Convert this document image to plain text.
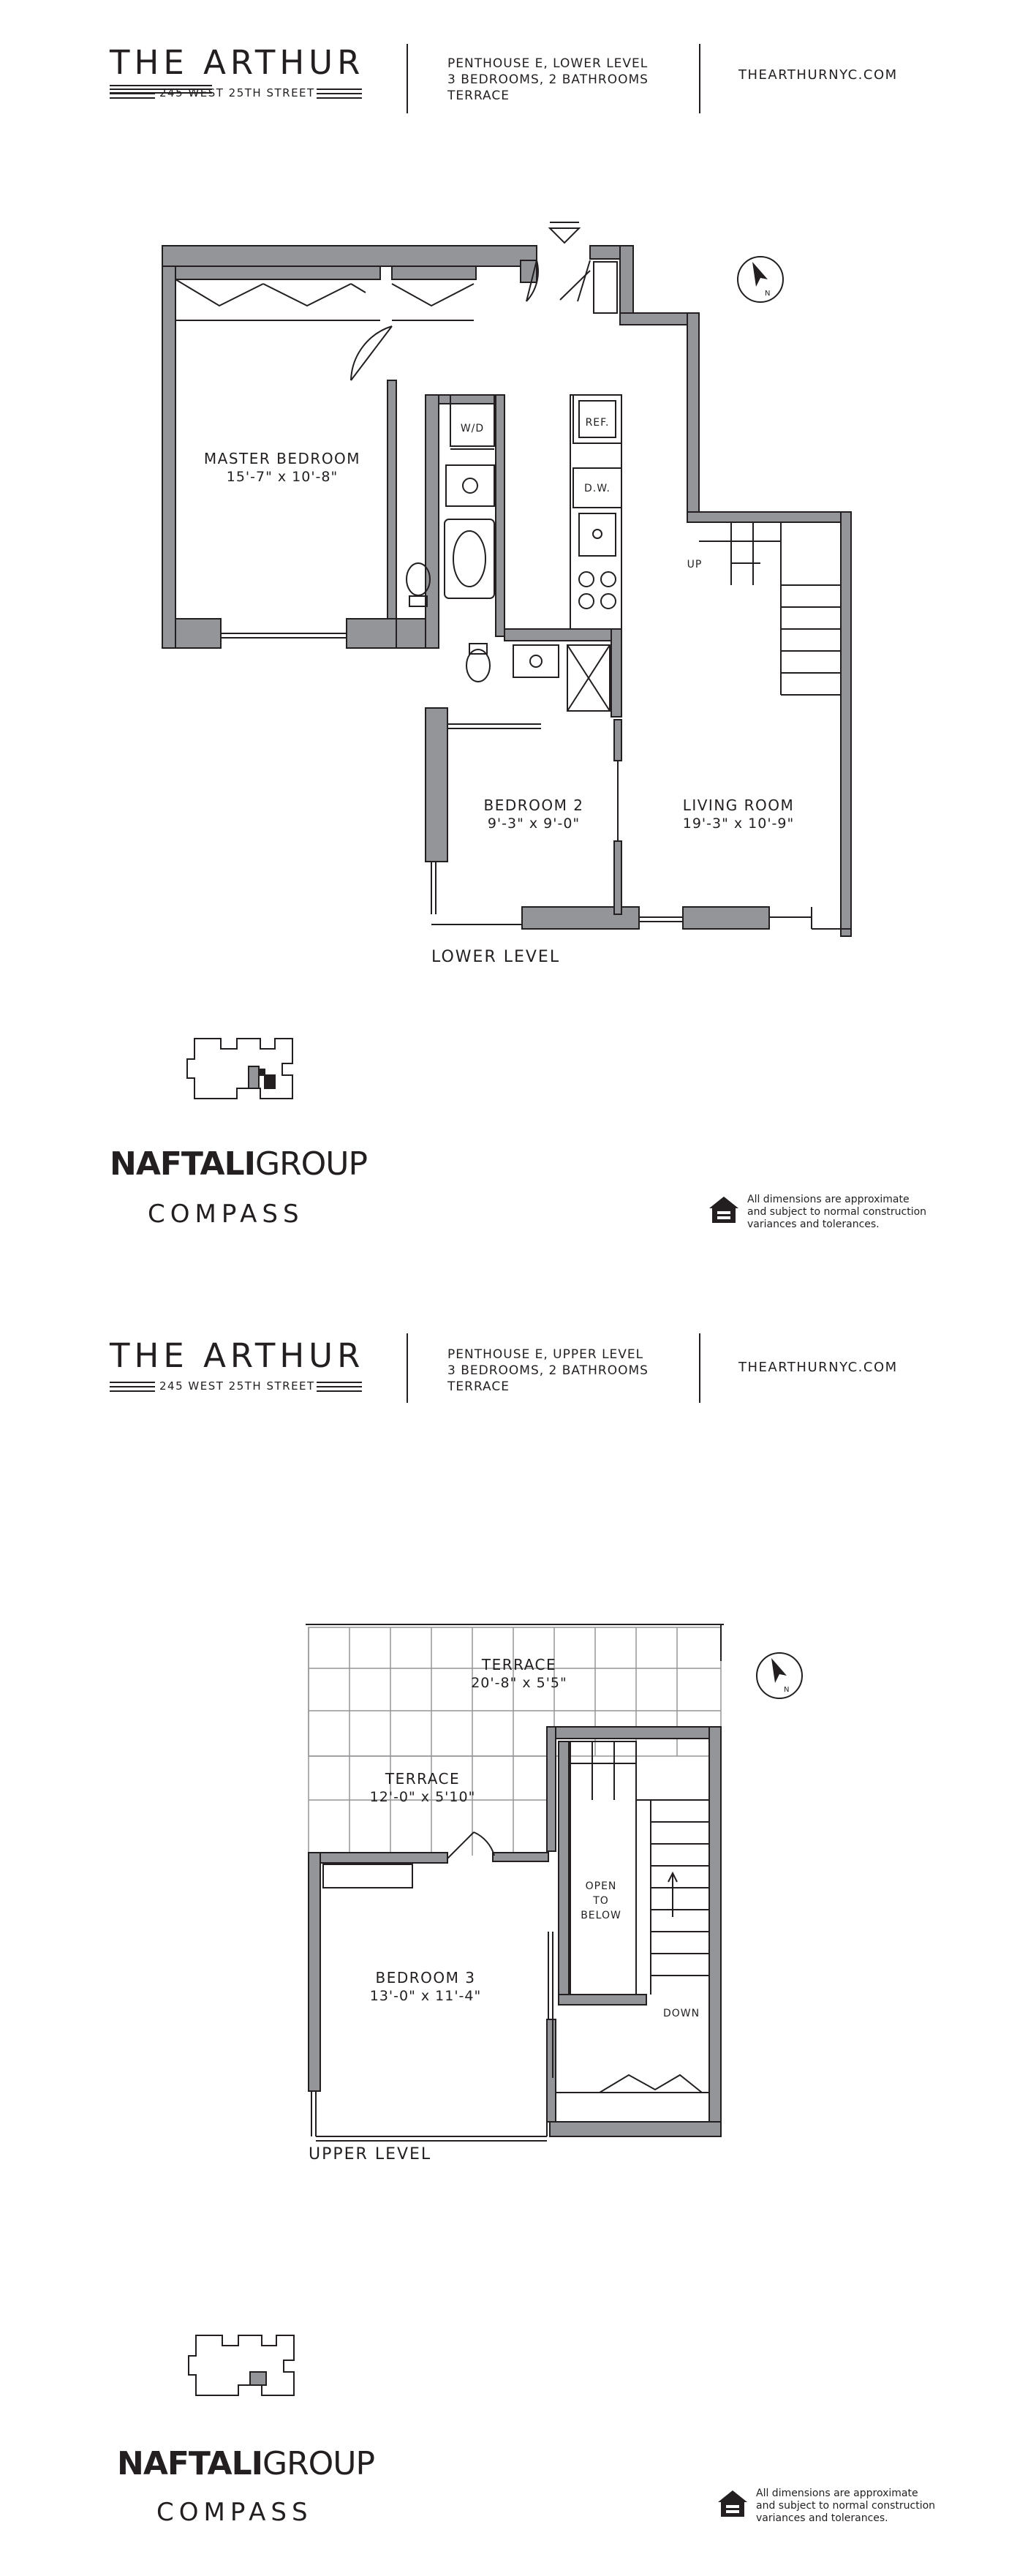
THE ARTHUR
245 WEST 25TH STREET
PENTHOUSE E, LOWER LEVEL
3 BEDROOMS, 2 BATHROOMS
TERRACE
THEARTHURNYC.COM
N
MASTER BEDROOM
15'-7" x 10'-8"
BEDROOM 2
9'-3" x 9'-0"
LIVING ROOM
19'-3" x 10'-9"
W/D	REF.
D.W.
UP
LOWER LEVEL
NAFTALIGROUP
COMPASS	All dimensions are approximate
and subject to normal construction
variances and tolerances.
THE ARTHUR
245 WEST 25TH STREET
PENTHOUSE E, UPPER LEVEL
3 BEDROOMS, 2 BATHROOMS
TERRACE
THEARTHURNYC.COM
N
TERRACE
20'-8" x 5'5"
TERRACE
12'-0" x 5'10"
BEDROOM 3
13'-0" x 11'-4"
OPEN
TO
BELOW
DOWN
UPPER LEVEL
NAFTALIGROUP
COMPASS
All dimensions are approximate
and subject to normal construction
variances and tolerances.
